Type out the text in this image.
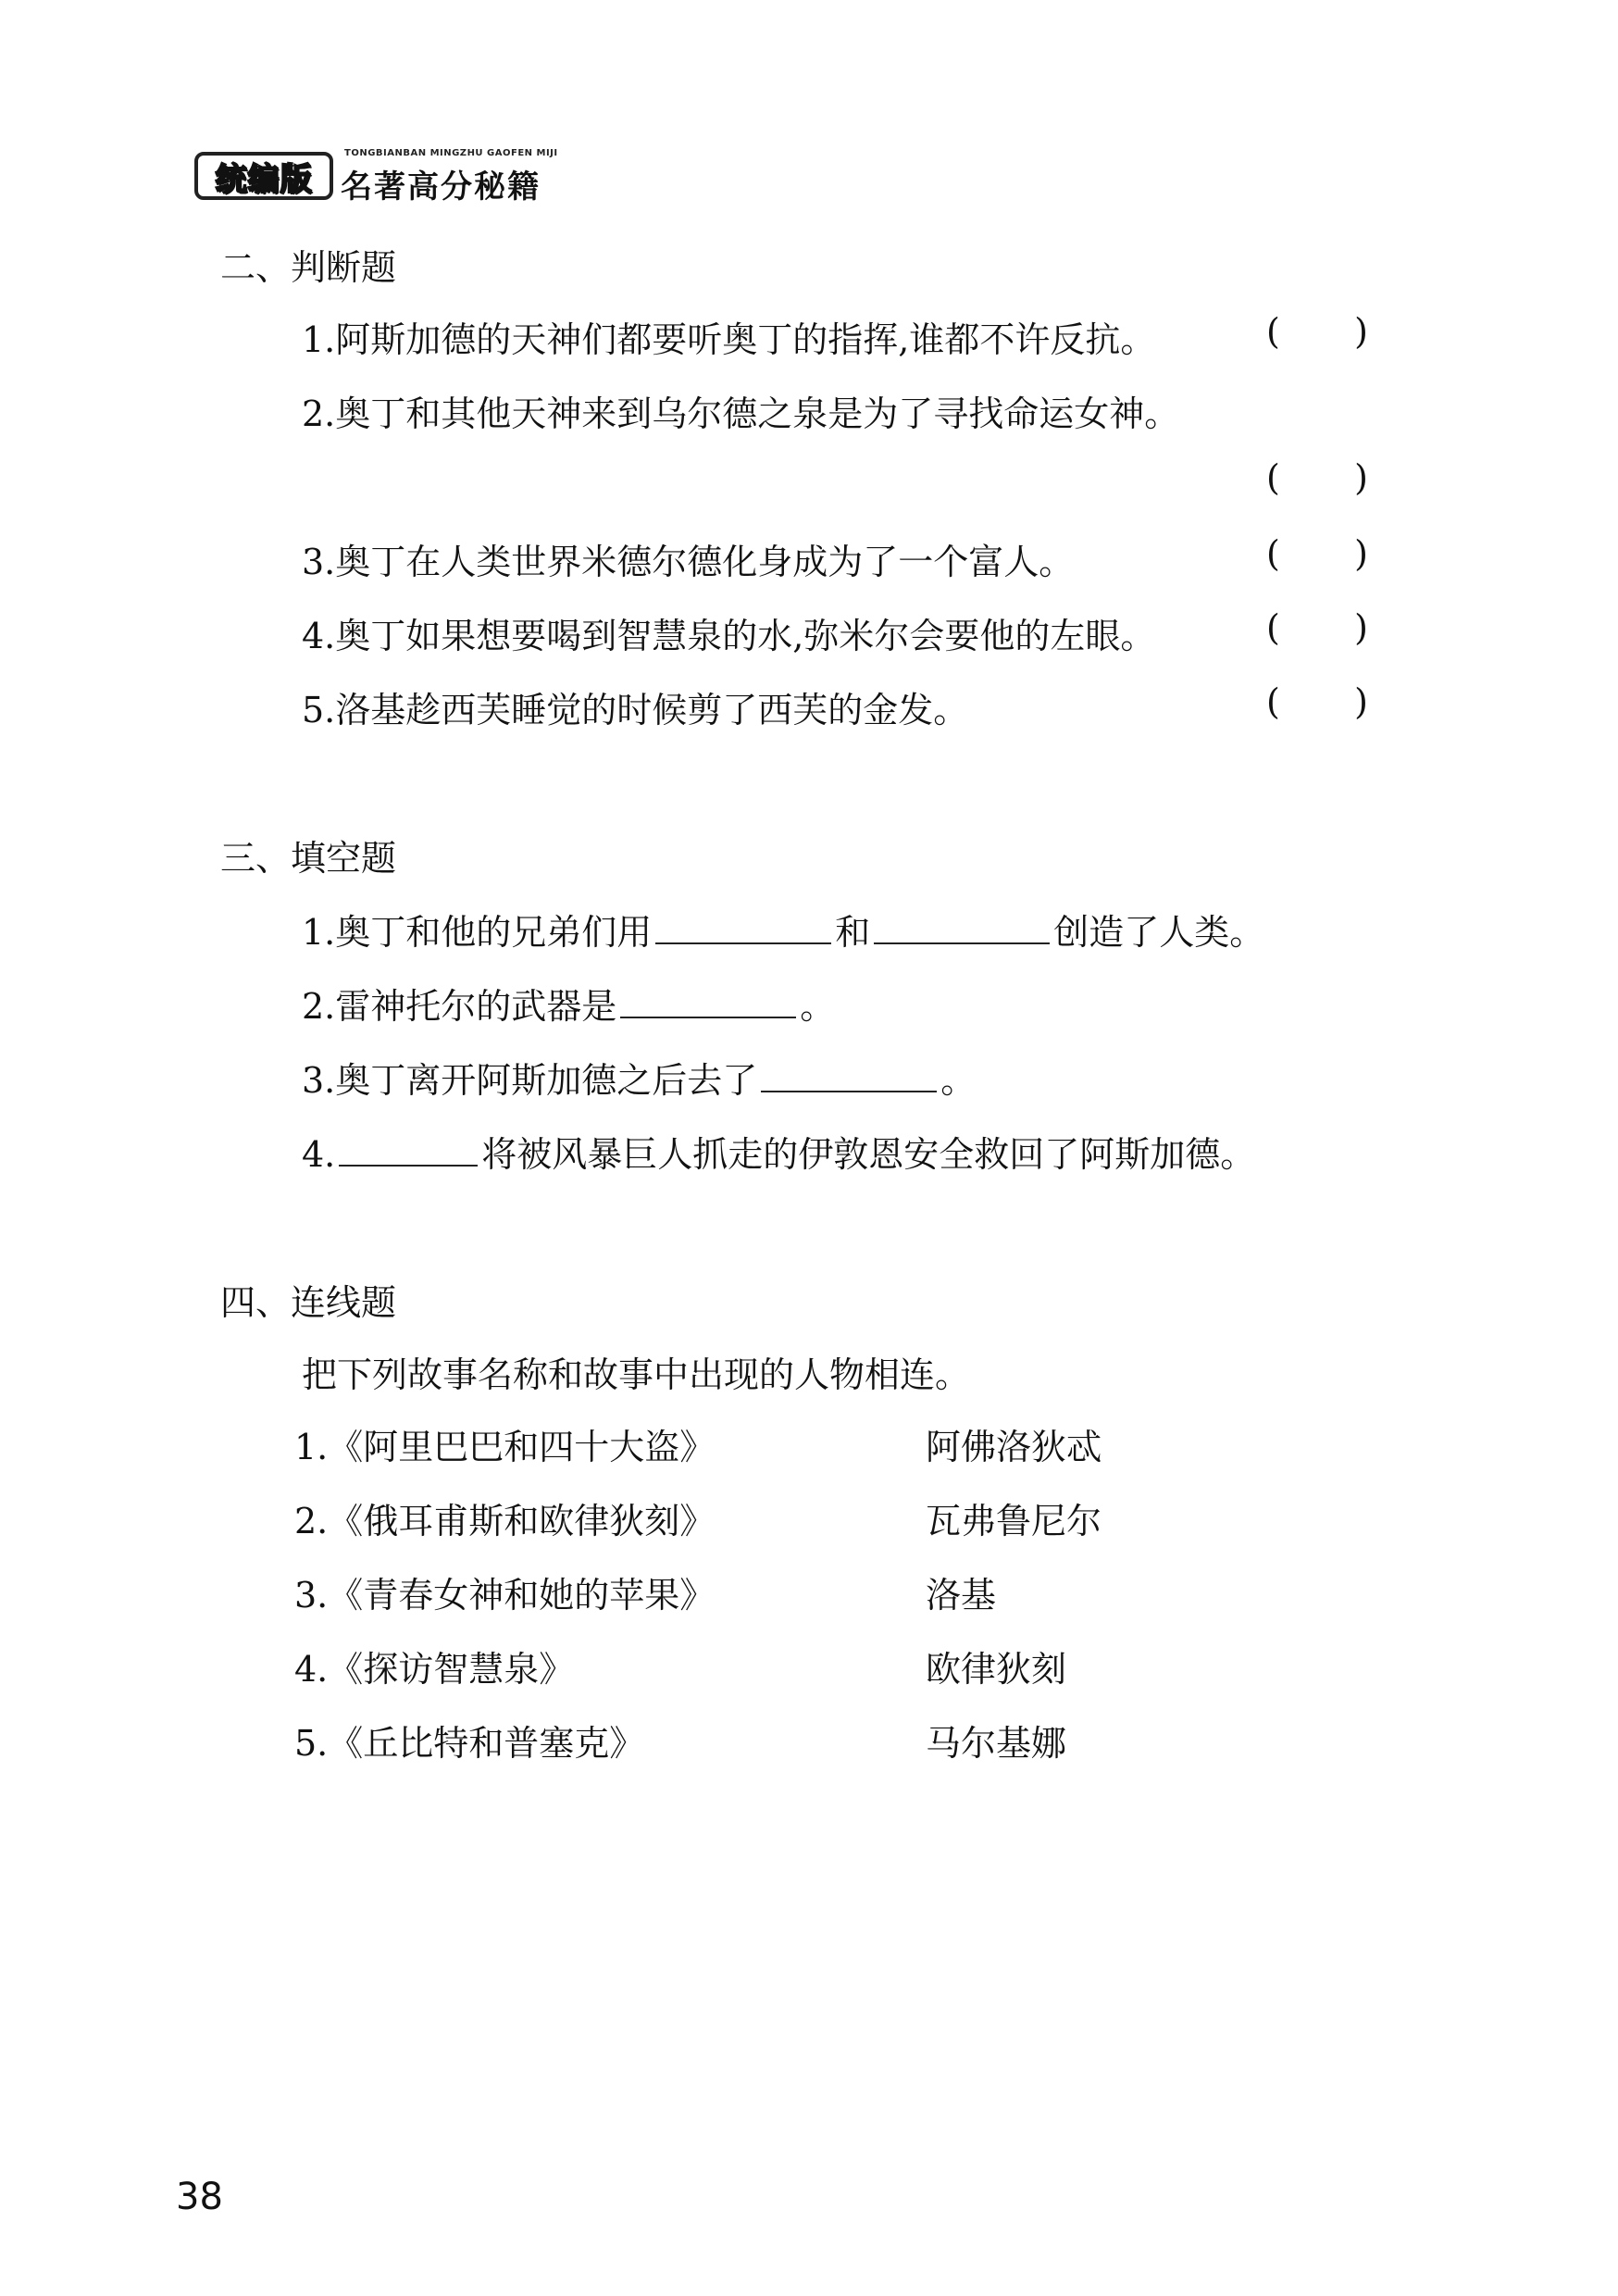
统编版
TONGBIANBAN MINGZHU GAOFEN MIJI
名著高分秘籍
二、判断题
1.阿斯加德的天神们都要听奥丁的指挥,谁都不许反抗。	( )
2.奥丁和其他天神来到乌尔德之泉是为了寻找命运女神。
( )
3.奥丁在人类世界米德尔德化身成为了一个富人。	( )
4.奥丁如果想要喝到智慧泉的水,弥米尔会要他的左眼。	( )
5.洛基趁西芙睡觉的时候剪了西芙的金发。	( )
三、填空题
1.奥丁和他的兄弟们用	和	创造了人类。
2.雷神托尔的武器是	。
3.奥丁离开阿斯加德之后去了	。
4.	将被风暴巨人抓走的伊敦恩安全救回了阿斯加德。
四、连线题
把下列故事名称和故事中出现的人物相连。
1.《阿里巴巴和四十大盗》	阿佛洛狄忒
2.《俄耳甫斯和欧律狄刻》	瓦弗鲁尼尔
3.《青春女神和她的苹果》	洛基
4.《探访智慧泉》	欧律狄刻
5.《丘比特和普塞克》	马尔基娜
38
